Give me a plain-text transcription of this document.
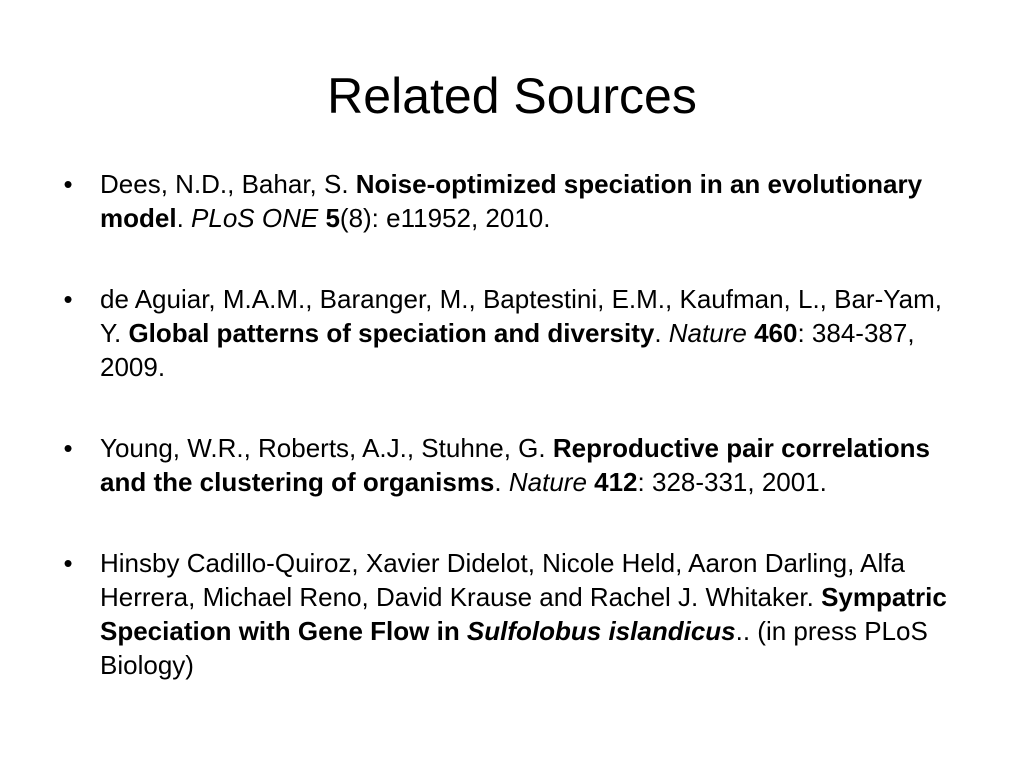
Related Sources
• Dees, N.D., Bahar, S. Noise-optimized speciation in an evolutionary model. PLoS ONE 5(8): e11952, 2010.
• de Aguiar, M.A.M., Baranger, M., Baptestini, E.M., Kaufman, L., Bar-Yam, Y. Global patterns of speciation and diversity. Nature 460: 384-387, 2009.
• Young, W.R., Roberts, A.J., Stuhne, G. Reproductive pair correlations and the clustering of organisms. Nature 412: 328-331, 2001.
• Hinsby Cadillo-Quiroz, Xavier Didelot, Nicole Held, Aaron Darling, Alfa Herrera, Michael Reno, David Krause and Rachel J. Whitaker. Sympatric Speciation with Gene Flow in Sulfolobus islandicus.. (in press PLoS Biology)
